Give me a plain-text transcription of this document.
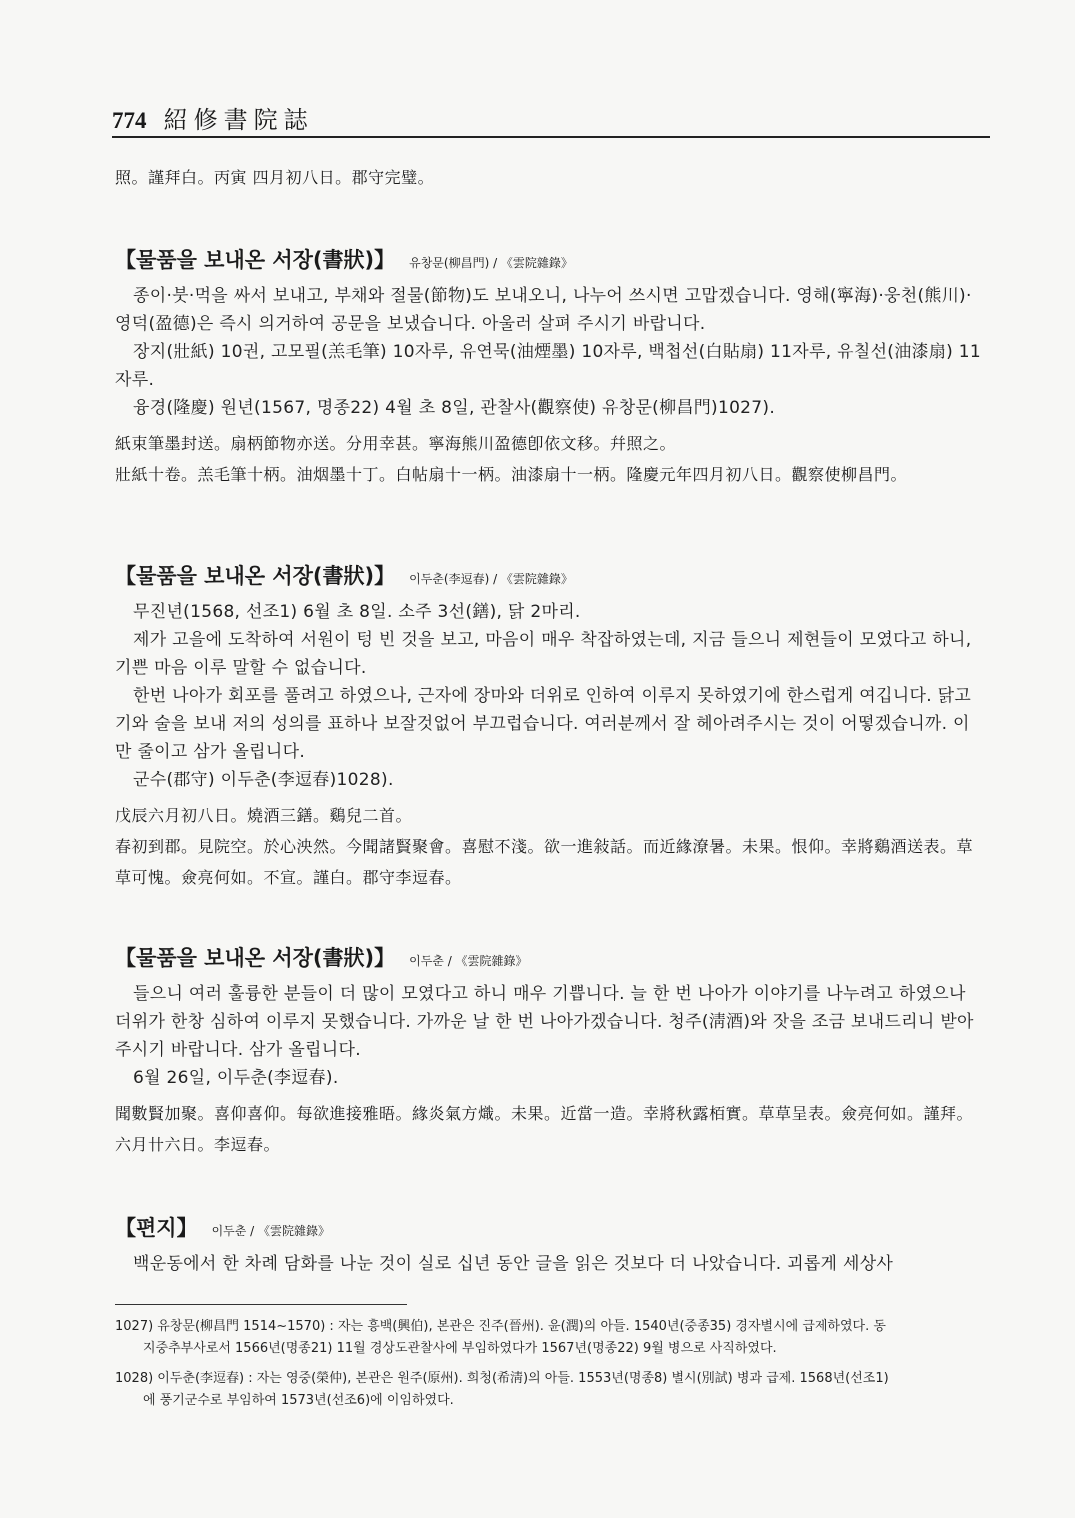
774 紹修書院誌
照。謹拜白。丙寅 四月初八日。郡守完璧。
【물품을 보내온 서장(書狀)】 유창문(柳昌門) / 《雲院雜錄》

종이·붓·먹을 싸서 보내고, 부채와 절물(節物)도 보내오니, 나누어 쓰시면 고맙겠습니다. 영해(寧海)·웅천(熊川)·영덕(盈德)은 즉시 의거하여 공문을 보냈습니다. 아울러 살펴 주시기 바랍니다.

장지(壯紙) 10권, 고모필(羔毛筆) 10자루, 유연묵(油煙墨) 10자루, 백첩선(白貼扇) 11자루, 유칠선(油漆扇) 11자루.

융경(隆慶) 원년(1567, 명종22) 4월 초 8일, 관찰사(觀察使) 유창문(柳昌門)1027).

紙束筆墨封送。扇柄節物亦送。分用幸甚。寧海熊川盈德卽依文移。幷照之。

壯紙十卷。羔毛筆十柄。油烟墨十丁。白帖扇十一柄。油漆扇十一柄。隆慶元年四月初八日。觀察使柳昌門。

【물품을 보내온 서장(書狀)】 이두춘(李逗春) / 《雲院雜錄》

무진년(1568, 선조1) 6월 초 8일. 소주 3선(鐥), 닭 2마리.

제가 고을에 도착하여 서원이 텅 빈 것을 보고, 마음이 매우 착잡하였는데, 지금 들으니 제현들이 모였다고 하니, 기쁜 마음 이루 말할 수 없습니다.

한번 나아가 회포를 풀려고 하였으나, 근자에 장마와 더위로 인하여 이루지 못하였기에 한스럽게 여깁니다. 닭고기와 술을 보내 저의 성의를 표하나 보잘것없어 부끄럽습니다. 여러분께서 잘 헤아려주시는 것이 어떻겠습니까. 이만 줄이고 삼가 올립니다.

군수(郡守) 이두춘(李逗春)1028).

戊辰六月初八日。燒酒三鐥。鷄兒二首。

春初到郡。見院空。於心泱然。今聞諸賢聚會。喜慰不淺。欲一進敍話。而近緣潦暑。未果。恨仰。幸將鷄酒送表。草草可愧。僉亮何如。不宣。謹白。郡守李逗春。

【물품을 보내온 서장(書狀)】 이두춘 / 《雲院雜錄》

들으니 여러 훌륭한 분들이 더 많이 모였다고 하니 매우 기쁩니다. 늘 한 번 나아가 이야기를 나누려고 하였으나 더위가 한창 심하여 이루지 못했습니다. 가까운 날 한 번 나아가겠습니다. 청주(淸酒)와 잣을 조금 보내드리니 받아주시기 바랍니다. 삼가 올립니다.

6월 26일, 이두춘(李逗春).

聞數賢加聚。喜仰喜仰。每欲進接雅晤。緣炎氣方熾。未果。近當一造。幸將秋露栢實。草草呈表。僉亮何如。謹拜。六月卄六日。李逗春。

【편지】 이두춘 / 《雲院雜錄》

백운동에서 한 차례 담화를 나눈 것이 실로 십년 동안 글을 읽은 것보다 더 나았습니다. 괴롭게 세상사

1027) 유창문(柳昌門 1514~1570) : 자는 흥백(興伯), 본관은 진주(晉州). 윤(潤)의 아들. 1540년(중종35) 경자별시에 급제하였다. 동
지중추부사로서 1566년(명종21) 11월 경상도관찰사에 부임하였다가 1567년(명종22) 9월 병으로 사직하였다.
1028) 이두춘(李逗春) : 자는 영중(榮仲), 본관은 원주(原州). 희청(希淸)의 아들. 1553년(명종8) 별시(別試) 병과 급제. 1568년(선조1)
에 풍기군수로 부임하여 1573년(선조6)에 이임하였다.
